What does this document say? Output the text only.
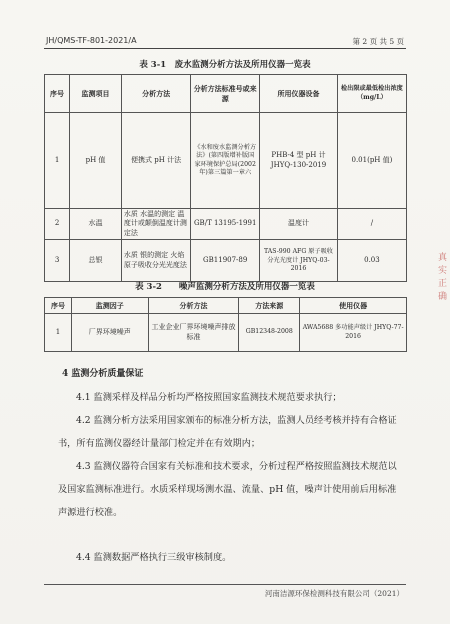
JH/QMS-TF-801-2021/A	第 2 页 共 5 页
表 3-1　废水监测分析方法及所用仪器一览表
序号	监测项目	分析方法	分析方法标准号或来源	所用仪器设备	检出限或最低检出浓度（mg/L）
1	pH 值	便携式 pH 计法	《水和废水监测分析方法》(第四版增补版国家环境保护总局(2002年)第三篇第一章六	PHB-4 型 pH 计 JHYQ-130-2019	0.01(pH 值)
2	水温	水质 水温的测定 温度计或颠倒温度计测定法	GB/T 13195-1991	温度计	/
3	总银	水质 银的测定 火焰原子吸收分光光度法	GB11907-89	TAS-990 AFG 原子吸收分光光度计 JHYQ-03-2016	0.03
表 3-2　　噪声监测分析方法及所用仪器一览表
序号	监测因子	分析方法	方法来源	使用仪器
1	厂界环境噪声	工业企业厂界环境噪声排放标准	GB12348-2008	AWA5688 多功能声级计 JHYQ-77-2016
4 监测分析质量保证
4.1 监测采样及样品分析均严格按照国家监测技术规范要求执行；
4.2 监测分析方法采用国家颁布的标准分析方法，监测人员经考核并持有合格证书，所有监测仪器经计量部门检定并在有效期内；
4.3 监测仪器符合国家有关标准和技术要求，分析过程严格按照监测技术规范以及国家监测标准进行。水质采样现场测水温、流量、pH 值，噪声计使用前后用标准声源进行校准。
4.4 监测数据严格执行三级审核制度。
河南洁源环保检测科技有限公司（2021）
真实正确
